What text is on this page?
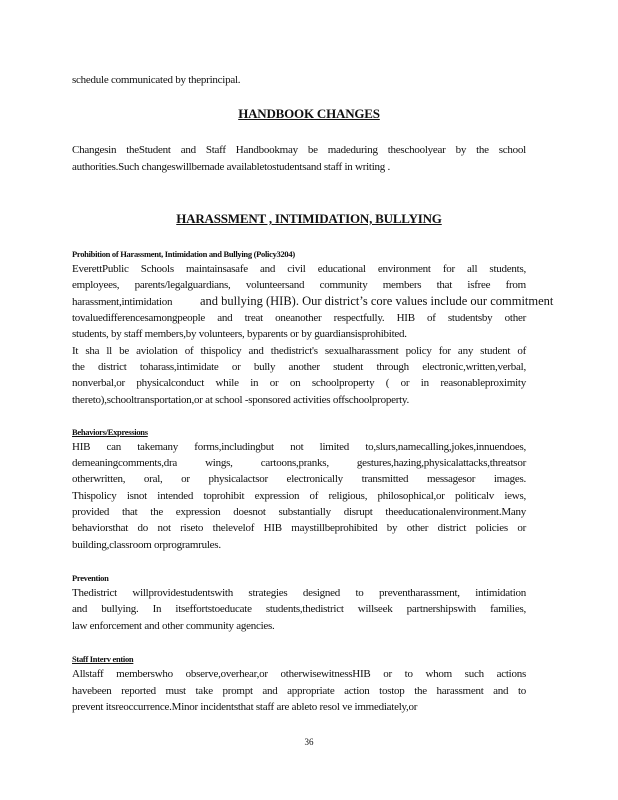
schedule communicated by theprincipal.
HANDBOOK CHANGES
Changesin theStudent and Staff Handbookmay be madeduring theschoolyear by the school
authorities.Such changeswillbemade availabletostudentsand staff in writing .
HARASSMENT , INTIMIDATION, BULLYING
Prohibition of Harassment, Intimidation and Bullying (Policy3204)
EverettPublic Schools maintainsasafe and civil educational environment for all students,
employees, parents/legalguardians, volunteersand community members that isfree from
harassment,intimidation and bullying (HIB). Our district’s core values include our commitment
tovaluedifferencesamongpeople and treat oneanother respectfully. HIB of studentsby other
students, by staff members,by volunteers, byparents or by guardiansisprohibited.
It sha ll be aviolation of thispolicy and thedistrict's sexualharassment policy for any student of
the district toharass,intimidate or bully another student through electronic,written,verbal,
nonverbal,or physicalconduct while in or on schoolproperty ( or in reasonableproximity
thereto),schooltransportation,or at school -sponsored activities offschoolproperty.
Behaviors/Expressions
HIB can takemany forms,includingbut not limited to,slurs,namecalling,jokes,innuendoes,
demeaningcomments,dra wings, cartoons,pranks, gestures,hazing,physicalattacks,threatsor
otherwritten, oral, or physicalactsor electronically transmitted messagesor images.
Thispolicy isnot intended toprohibit expression of religious, philosophical,or politicalv iews,
provided that the expression doesnot substantially disrupt theeducationalenvironment.Many
behaviorsthat do not riseto thelevelof HIB maystillbeprohibited by other district policies or
building,classroom orprogramrules.
Prevention
Thedistrict willprovidestudentswith strategies designed to preventharassment, intimidation
and bullying. In itseffortstoeducate students,thedistrict willseek partnershipswith families,
law enforcement and other community agencies.
Staff Interv ention
Allstaff memberswho observe,overhear,or otherwisewitnessHIB or to whom such actions
havebeen reported must take prompt and appropriate action tostop the harassment and to
prevent itsreoccurrence.Minor incidentsthat staff are ableto resol ve immediately,or
36
